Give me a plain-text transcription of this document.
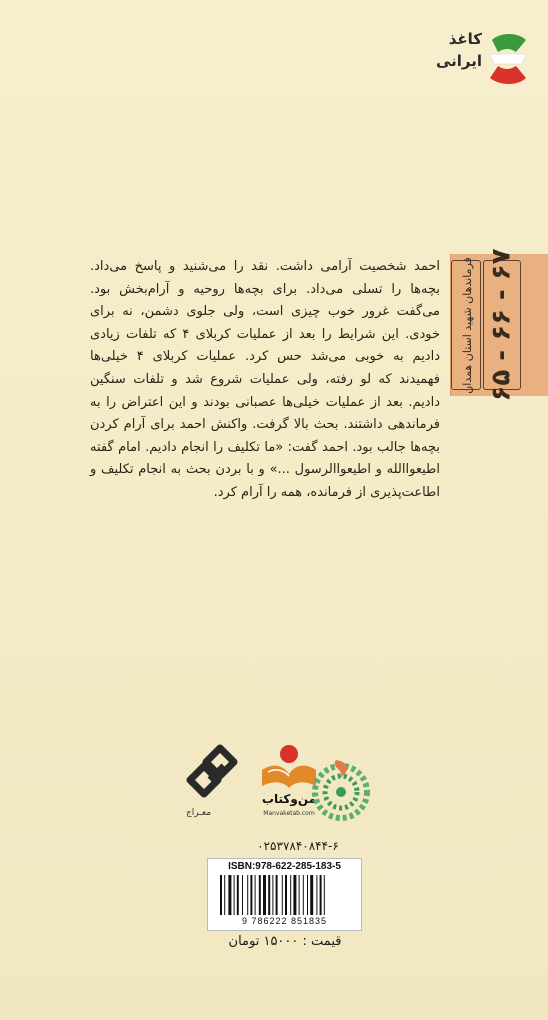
کاغذ
ایرانی
فرماندهان شهید استان همدان ۶۵ - ۶۶ - ۶۷

احمد شخصیت آرامی داشت. نقد را می‌شنید و پاسخ می‌داد. بچه‌ها را تسلی می‌داد. برای بچه‌ها روحیه و آرام‌بخش بود. می‌گفت غرور خوب چیزی است، ولی جلوی دشمن، نه برای خودی. این شرایط را بعد از عملیات کربلای ۴ که تلفات زیادی دادیم به خوبی می‌شد حس کرد. عملیات کربلای ۴ خیلی‌ها فهمیدند که لو رفته، ولی عملیات شروع شد و تلفات سنگین دادیم. بعد از عملیات خیلی‌ها عصبانی بودند و این اعتراض را به فرماندهی داشتند. بحث بالا گرفت. واکنش احمد برای آرام کردن بچه‌ها جالب بود. احمد گفت: «ما تکلیف را انجام دادیم. امام گفته اطیعواالله و اطیعواالرسول ...» و با بردن بحث به انجام تکلیف و اطاعت‌پذیری از فرمانده، همه را آرام کرد.

معـراج
من‌وکتاب
Manvaketab.com
۰۲۵۳۷۸۴۰۸۴۴-۶
ISBN:978-622-285-183-5
9 786222 851835
قیمت : ۱۵۰۰۰ تومان
